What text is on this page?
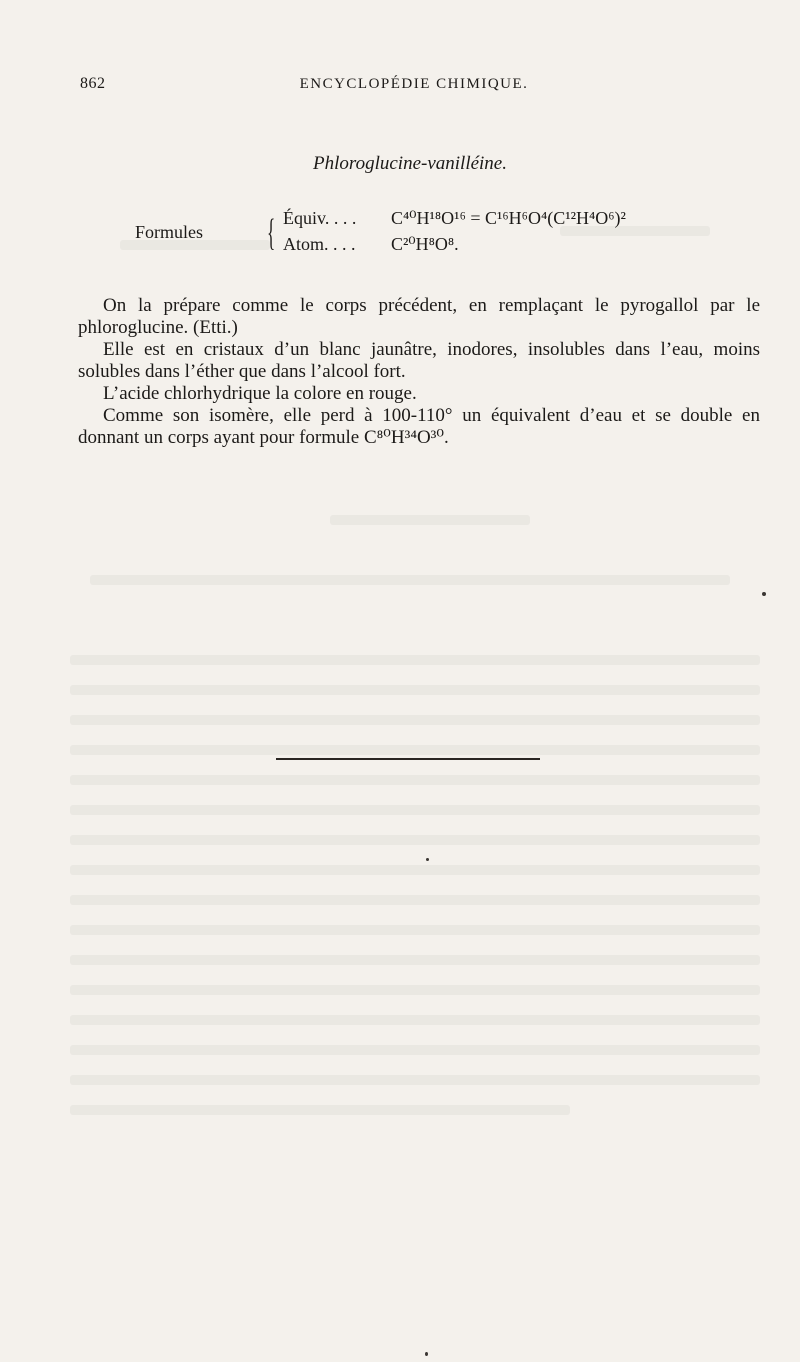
862	ENCYCLOPÉDIE CHIMIQUE.
Phloroglucine-vanilléine.
Formules { Équiv. . . . C⁴⁰H¹⁸O¹⁶ = C¹⁶H⁶O⁴(C¹²H⁴O⁶)²
Atom. . . . C²⁰H⁸O⁸.

On la prépare comme le corps précédent, en remplaçant le pyrogallol par le phloroglucine. (Etti.)

Elle est en cristaux d’un blanc jaunâtre, inodores, insolubles dans l’eau, moins solubles dans l’éther que dans l’alcool fort.

L’acide chlorhydrique la colore en rouge.

Comme son isomère, elle perd à 100-110° un équivalent d’eau et se double en donnant un corps ayant pour formule C⁸⁰H³⁴O³⁰.
